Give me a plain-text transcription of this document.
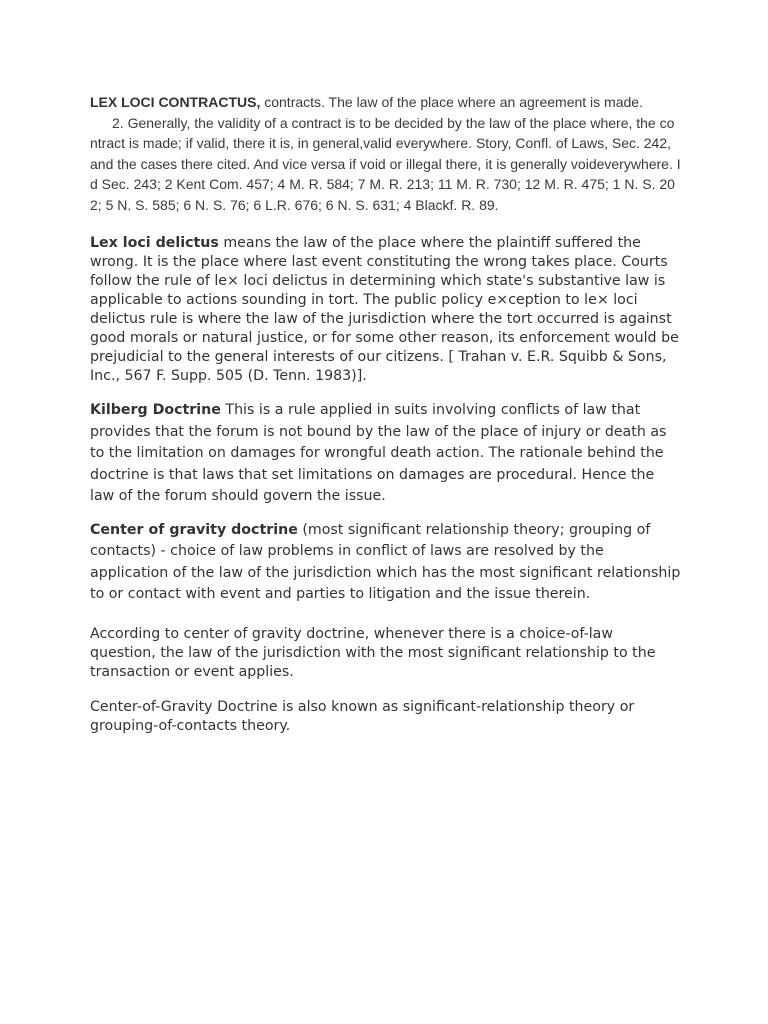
LEX LOCI CONTRACTUS, contracts. The law of the place where an agreement is made.
2. Generally, the validity of a contract is to be decided by the law of the place where, the contract is made; if valid, there it is, in general,valid everywhere. Story, Confl. of Laws, Sec. 242, and the cases there cited. And vice versa if void or illegal there, it is generally voideverywhere. Id Sec. 243; 2 Kent Com. 457; 4 M. R. 584; 7 M. R. 213; 11 M. R. 730; 12 M. R. 475; 1 N. S. 202; 5 N. S. 585; 6 N. S. 76; 6 L.R. 676; 6 N. S. 631; 4 Blackf. R. 89.

Lex loci delictus means the law of the place where the plaintiff suffered the wrong. It is the place where last event constituting the wrong takes place. Courts follow the rule of le× loci delictus in determining which state's substantive law is applicable to actions sounding in tort. The public policy e×ception to le× loci delictus rule is where the law of the jurisdiction where the tort occurred is against good morals or natural justice, or for some other reason, its enforcement would be prejudicial to the general interests of our citizens. [ Trahan v. E.R. Squibb & Sons, Inc., 567 F. Supp. 505 (D. Tenn. 1983)].

Kilberg Doctrine This is a rule applied in suits involving conflicts of law that provides that the forum is not bound by the law of the place of injury or death as to the limitation on damages for wrongful death action. The rationale behind the doctrine is that laws that set limitations on damages are procedural. Hence the law of the forum should govern the issue.

Center of gravity doctrine (most significant relationship theory; grouping of contacts) - choice of law problems in conflict of laws are resolved by the application of the law of the jurisdiction which has the most significant relationship to or contact with event and parties to litigation and the issue therein.

According to center of gravity doctrine, whenever there is a choice-of-law question, the law of the jurisdiction with the most significant relationship to the transaction or event applies.

Center-of-Gravity Doctrine is also known as significant-relationship theory or grouping-of-contacts theory.
